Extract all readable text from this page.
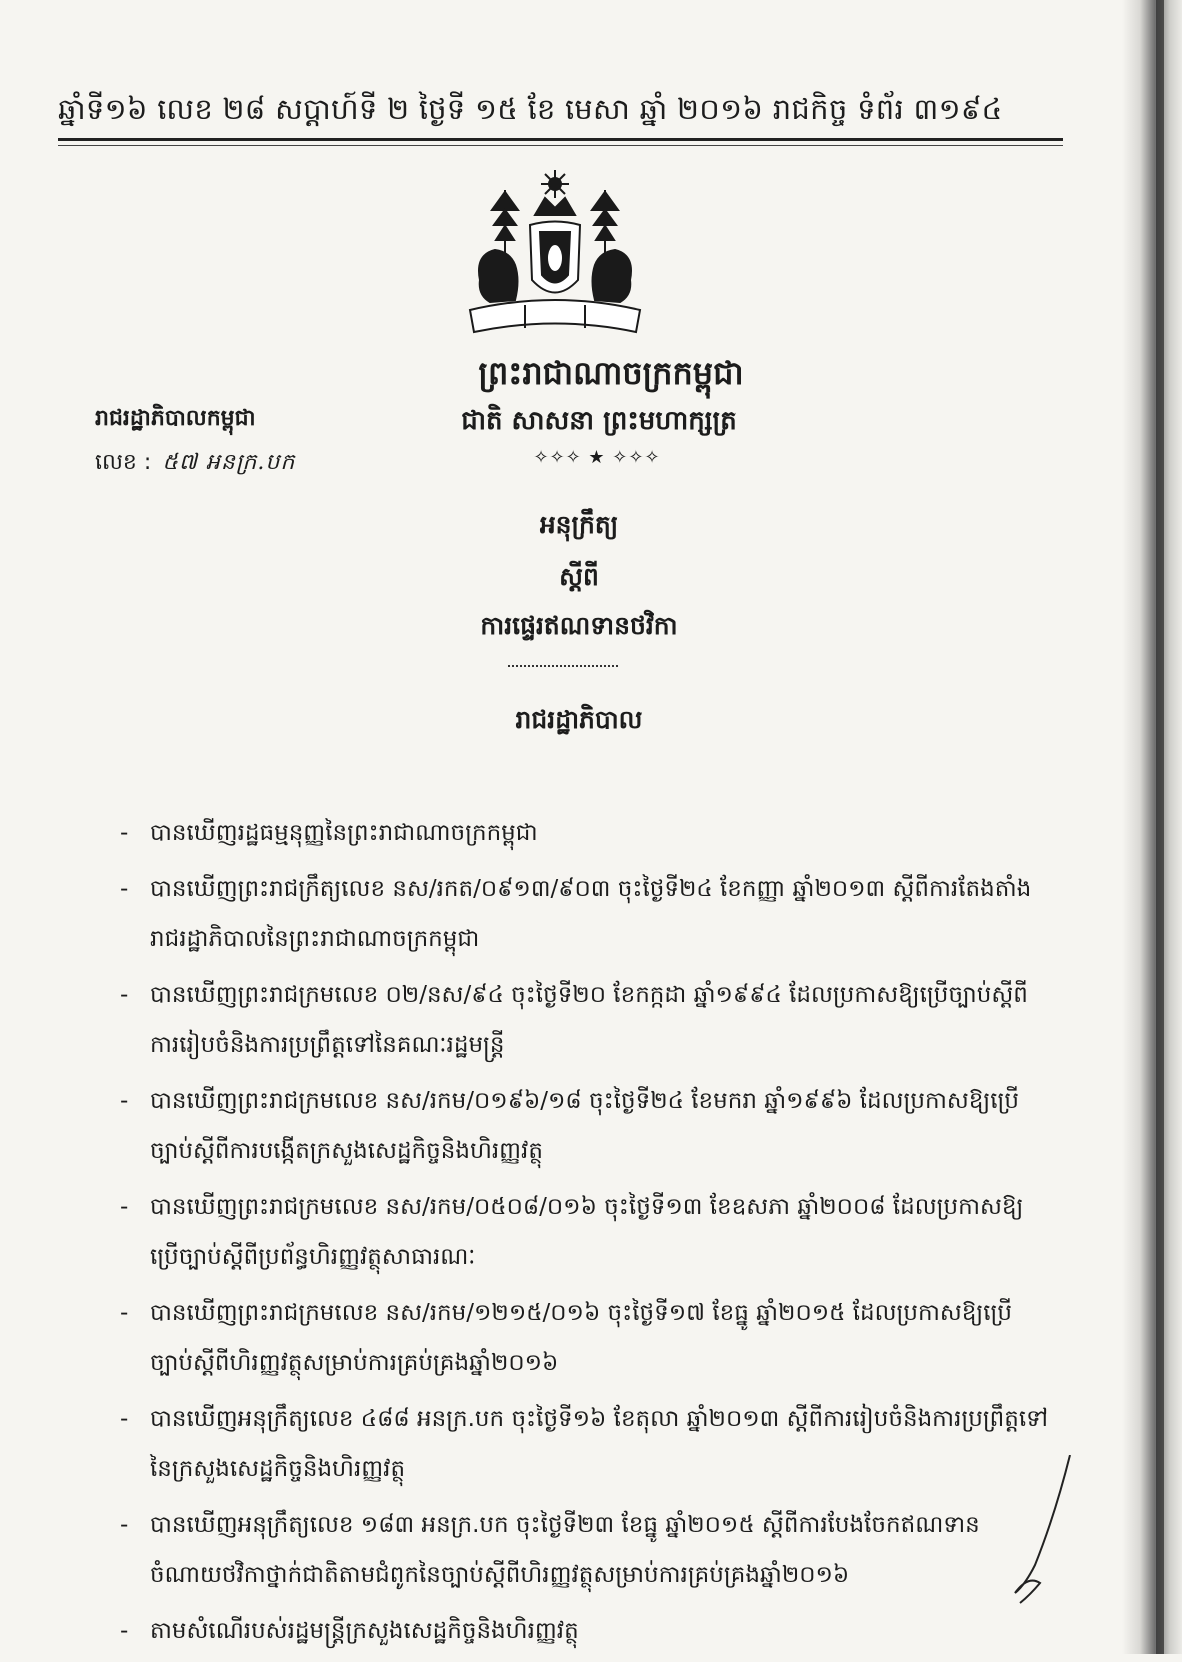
ឆ្នាំទី១៦ លេខ ២៨ សប្តាហ៍ទី ២ ថ្ងៃទី ១៥ ខែ មេសា ឆ្នាំ ២០១៦ រាជកិច្ច ទំព័រ ៣១៩៤
ព្រះរាជាណាចក្រកម្ពុជា
ជាតិ សាសនា ព្រះមហាក្សត្រ
✧✧✧ ★ ✧✧✧
រាជរដ្ឋាភិបាលកម្ពុជា
លេខ : ៥៧ អនក្រ.បក
អនុក្រឹត្យ
ស្តីពី
ការផ្ទេរឥណទានថវិកា
រាជរដ្ឋាភិបាល
- បានឃើញរដ្ឋធម្មនុញ្ញនៃព្រះរាជាណាចក្រកម្ពុជា
- បានឃើញព្រះរាជក្រឹត្យលេខ នស/រកត/០៩១៣/៩០៣ ចុះថ្ងៃទី២៤ ខែកញ្ញា ឆ្នាំ២០១៣ ស្តីពីការតែងតាំងរាជរដ្ឋាភិបាលនៃព្រះរាជាណាចក្រកម្ពុជា
- បានឃើញព្រះរាជក្រមលេខ ០២/នស/៩៤ ចុះថ្ងៃទី២០ ខែកក្កដា ឆ្នាំ១៩៩៤ ដែលប្រកាសឱ្យប្រើច្បាប់ស្តីពីការរៀបចំនិងការប្រព្រឹត្តទៅនៃគណៈរដ្ឋមន្ត្រី
- បានឃើញព្រះរាជក្រមលេខ នស/រកម/០១៩៦/១៨ ចុះថ្ងៃទី២៤ ខែមករា ឆ្នាំ១៩៩៦ ដែលប្រកាសឱ្យប្រើច្បាប់ស្តីពីការបង្កើតក្រសួងសេដ្ឋកិច្ចនិងហិរញ្ញវត្ថុ
- បានឃើញព្រះរាជក្រមលេខ នស/រកម/០៥០៨/០១៦ ចុះថ្ងៃទី១៣ ខែឧសភា ឆ្នាំ២០០៨ ដែលប្រកាសឱ្យប្រើច្បាប់ស្តីពីប្រព័ន្ធហិរញ្ញវត្ថុសាធារណៈ
- បានឃើញព្រះរាជក្រមលេខ នស/រកម/១២១៥/០១៦ ចុះថ្ងៃទី១៧ ខែធ្នូ ឆ្នាំ២០១៥ ដែលប្រកាសឱ្យប្រើច្បាប់ស្តីពីហិរញ្ញវត្ថុសម្រាប់ការគ្រប់គ្រងឆ្នាំ២០១៦
- បានឃើញអនុក្រឹត្យលេខ ៤៨៨ អនក្រ.បក ចុះថ្ងៃទី១៦ ខែតុលា ឆ្នាំ២០១៣ ស្តីពីការរៀបចំនិងការប្រព្រឹត្តទៅនៃក្រសួងសេដ្ឋកិច្ចនិងហិរញ្ញវត្ថុ
- បានឃើញអនុក្រឹត្យលេខ ១៨៣ អនក្រ.បក ចុះថ្ងៃទី២៣ ខែធ្នូ ឆ្នាំ២០១៥ ស្តីពីការបែងចែកឥណទានចំណាយថវិកាថ្នាក់ជាតិតាមជំពូកនៃច្បាប់ស្តីពីហិរញ្ញវត្ថុសម្រាប់ការគ្រប់គ្រងឆ្នាំ២០១៦
- តាមសំណើរបស់រដ្ឋមន្ត្រីក្រសួងសេដ្ឋកិច្ចនិងហិរញ្ញវត្ថុ
